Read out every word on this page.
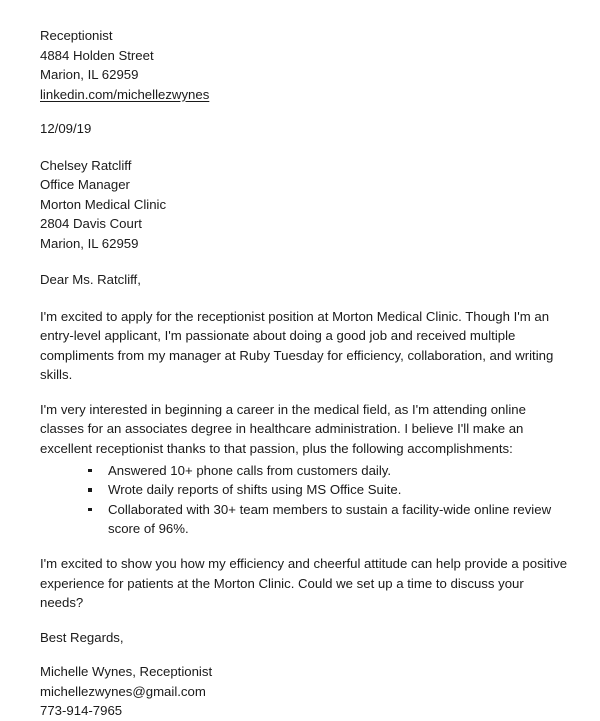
Receptionist
4884 Holden Street
Marion, IL 62959
linkedin.com/michellezwynes
12/09/19
Chelsey Ratcliff
Office Manager
Morton Medical Clinic
2804 Davis Court
Marion, IL 62959
Dear Ms. Ratcliff,

I'm excited to apply for the receptionist position at Morton Medical Clinic. Though I'm an entry-level applicant, I'm passionate about doing a good job and received multiple compliments from my manager at Ruby Tuesday for efficiency, collaboration, and writing skills.

I'm very interested in beginning a career in the medical field, as I'm attending online classes for an associates degree in healthcare administration. I believe I'll make an excellent receptionist thanks to that passion, plus the following accomplishments:

Answered 10+ phone calls from customers daily.
Wrote daily reports of shifts using MS Office Suite.
Collaborated with 30+ team members to sustain a facility-wide online review score of 96%.

I'm excited to show you how my efficiency and cheerful attitude can help provide a positive experience for patients at the Morton Clinic. Could we set up a time to discuss your needs?

Best Regards,
Michelle Wynes, Receptionist
michellezwynes@gmail.com
773-914-7965
